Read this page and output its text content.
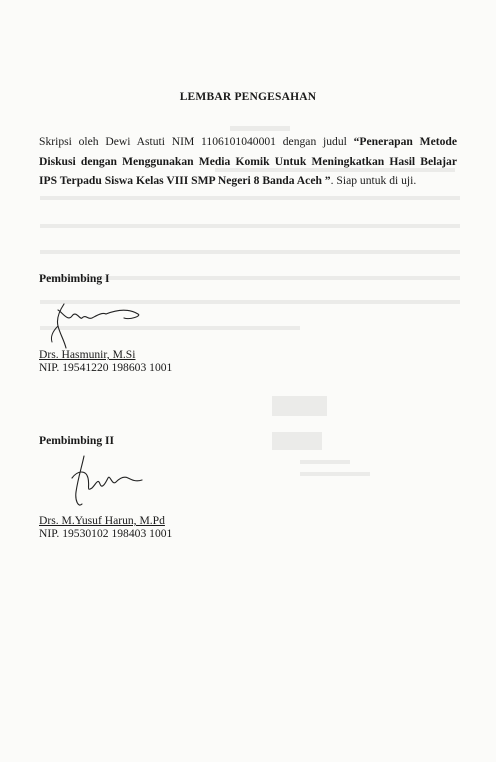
LEMBAR PENGESAHAN
Skripsi oleh Dewi Astuti NIM 1106101040001 dengan judul “Penerapan Metode Diskusi dengan Menggunakan Media Komik Untuk Meningkatkan Hasil Belajar IPS Terpadu Siswa Kelas VIII SMP Negeri 8 Banda Aceh ”. Siap untuk di uji.
Pembimbing I
Drs. Hasmunir, M.Si
NIP. 19541220 198603 1001
Pembimbing II
Drs. M.Yusuf Harun, M.Pd
NIP. 19530102 198403 1001
